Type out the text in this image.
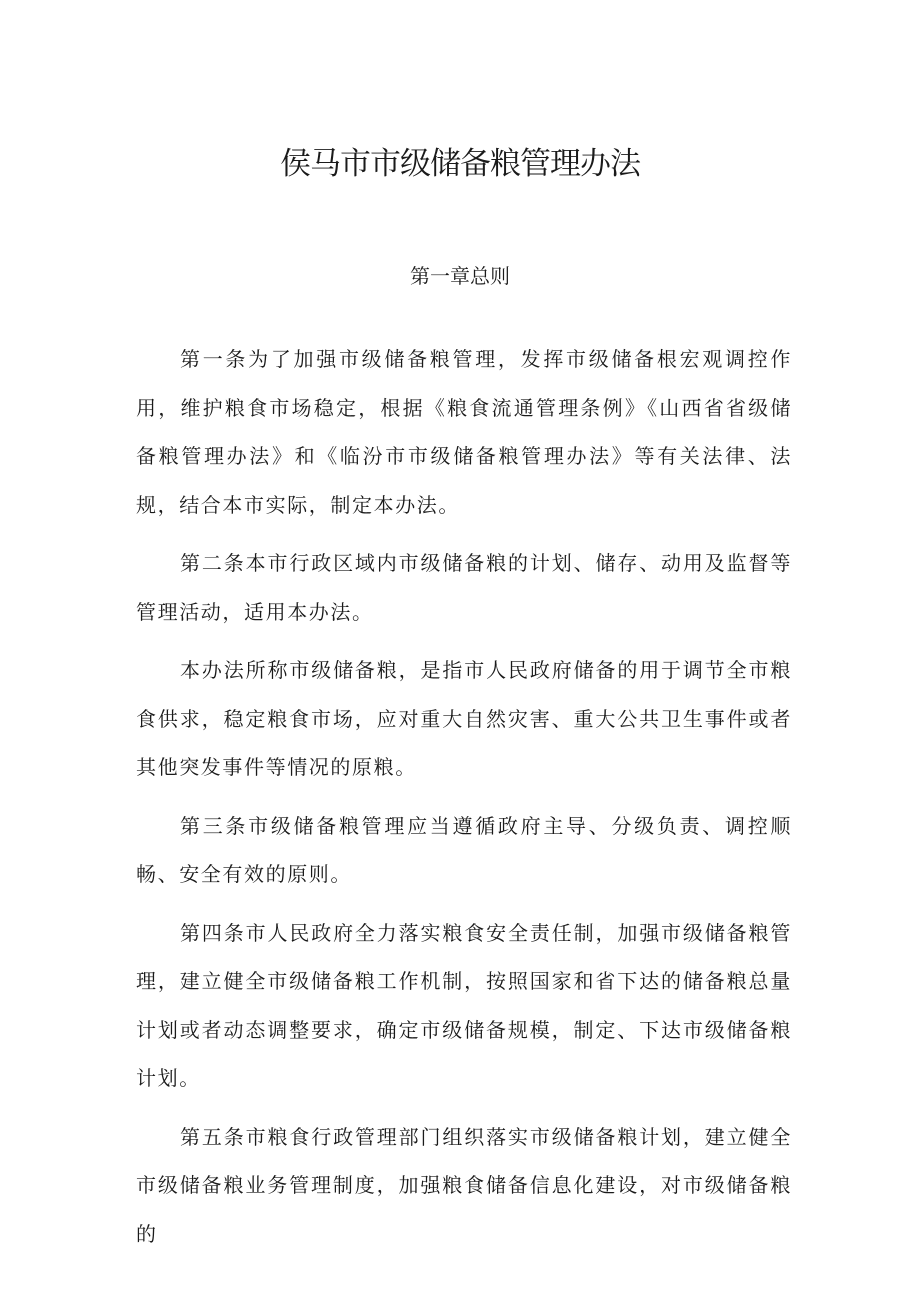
侯马市市级储备粮管理办法
第一章总则

第一条为了加强市级储备粮管理，发挥市级储备根宏观调控作用，维护粮食市场稳定，根据《粮食流通管理条例》《山西省省级储备粮管理办法》和《临汾市市级储备粮管理办法》等有关法律、法规，结合本市实际，制定本办法。

第二条本市行政区域内市级储备粮的计划、储存、动用及监督等管理活动，适用本办法。

本办法所称市级储备粮，是指市人民政府储备的用于调节全市粮食供求，稳定粮食市场，应对重大自然灾害、重大公共卫生事件或者其他突发事件等情况的原粮。

第三条市级储备粮管理应当遵循政府主导、分级负责、调控顺畅、安全有效的原则。

第四条市人民政府全力落实粮食安全责任制，加强市级储备粮管理，建立健全市级储备粮工作机制，按照国家和省下达的储备粮总量计划或者动态调整要求，确定市级储备规模，制定、下达市级储备粮计划。

第五条市粮食行政管理部门组织落实市级储备粮计划，建立健全市级储备粮业务管理制度，加强粮食储备信息化建设，对市级储备粮的
